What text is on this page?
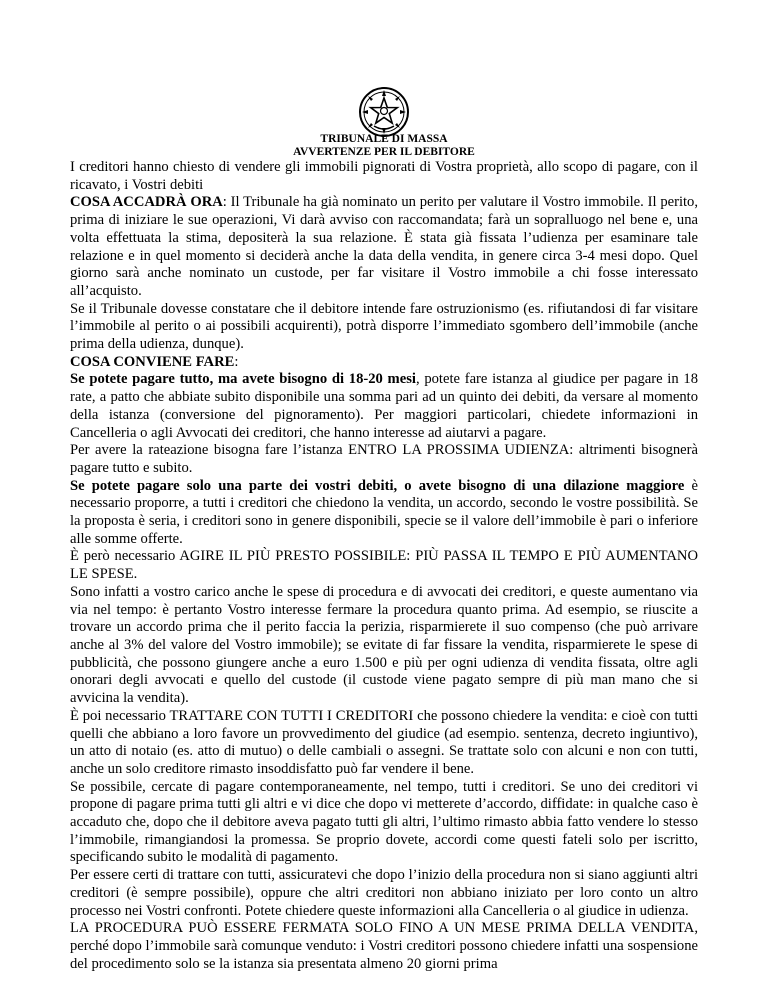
TRIBUNALE DI MASSA
AVVERTENZE PER IL DEBITORE

I creditori hanno chiesto di vendere gli immobili pignorati di Vostra proprietà, allo scopo di pagare, con il ricavato, i Vostri debiti

COSA ACCADRÀ ORA: Il Tribunale ha già nominato un perito per valutare il Vostro immobile. Il perito, prima di iniziare le sue operazioni, Vi darà avviso con raccomandata; farà un sopralluogo nel bene e, una volta effettuata la stima, depositerà la sua relazione. È stata già fissata l’udienza per esaminare tale relazione e in quel momento si deciderà anche la data della vendita, in genere circa 3-4 mesi dopo. Quel giorno sarà anche nominato un custode, per far visitare il Vostro immobile a chi fosse interessato all’acquisto.

Se il Tribunale dovesse constatare che il debitore intende fare ostruzionismo (es. rifiutandosi di far visitare l’immobile al perito o ai possibili acquirenti), potrà disporre l’immediato sgombero dell’immobile (anche prima della udienza, dunque).

COSA CONVIENE FARE:

Se potete pagare tutto, ma avete bisogno di 18-20 mesi, potete fare istanza al giudice per pagare in 18 rate, a patto che abbiate subito disponibile una somma pari ad un quinto dei debiti, da versare al momento della istanza (conversione del pignoramento). Per maggiori particolari, chiedete informazioni in Cancelleria o agli Avvocati dei creditori, che hanno interesse ad aiutarvi a pagare.

Per avere la rateazione bisogna fare l’istanza ENTRO LA PROSSIMA UDIENZA: altrimenti bisognerà pagare tutto e subito.

Se potete pagare solo una parte dei vostri debiti, o avete bisogno di una dilazione maggiore è necessario proporre, a tutti i creditori che chiedono la vendita, un accordo, secondo le vostre possibilità. Se la proposta è seria, i creditori sono in genere disponibili, specie se il valore dell’immobile è pari o inferiore alle somme offerte.

È però necessario AGIRE IL PIÙ PRESTO POSSIBILE: PIÙ PASSA IL TEMPO E PIÙ AUMENTANO LE SPESE.

Sono infatti a vostro carico anche le spese di procedura e di avvocati dei creditori, e queste aumentano via via nel tempo: è pertanto Vostro interesse fermare la procedura quanto prima. Ad esempio, se riuscite a trovare un accordo prima che il perito faccia la perizia, risparmierete il suo compenso (che può arrivare anche al 3% del valore del Vostro immobile); se evitate di far fissare la vendita, risparmierete le spese di pubblicità, che possono giungere anche a euro 1.500 e più per ogni udienza di vendita fissata, oltre agli onorari degli avvocati e quello del custode (il custode viene pagato sempre di più man mano che si avvicina la vendita).

È poi necessario TRATTARE CON TUTTI I CREDITORI che possono chiedere la vendita: e cioè con tutti quelli che abbiano a loro favore un provvedimento del giudice (ad esempio. sentenza, decreto ingiuntivo), un atto di notaio (es. atto di mutuo) o delle cambiali o assegni. Se trattate solo con alcuni e non con tutti, anche un solo creditore rimasto insoddisfatto può far vendere il bene.

Se possibile, cercate di pagare contemporaneamente, nel tempo, tutti i creditori. Se uno dei creditori vi propone di pagare prima tutti gli altri e vi dice che dopo vi metterete d’accordo, diffidate: in qualche caso è accaduto che, dopo che il debitore aveva pagato tutti gli altri, l’ultimo rimasto abbia fatto vendere lo stesso l’immobile, rimangiandosi la promessa. Se proprio dovete, accordi come questi fateli solo per iscritto, specificando subito le modalità di pagamento.

Per essere certi di trattare con tutti, assicuratevi che dopo l’inizio della procedura non si siano aggiunti altri creditori (è sempre possibile), oppure che altri creditori non abbiano iniziato per loro conto un altro processo nei Vostri confronti. Potete chiedere queste informazioni alla Cancelleria o al giudice in udienza.

LA PROCEDURA PUÒ ESSERE FERMATA SOLO FINO A UN MESE PRIMA DELLA VENDITA, perché dopo l’immobile sarà comunque venduto: i Vostri creditori possono chiedere infatti una sospensione del procedimento solo se la istanza sia presentata almeno 20 giorni prima
